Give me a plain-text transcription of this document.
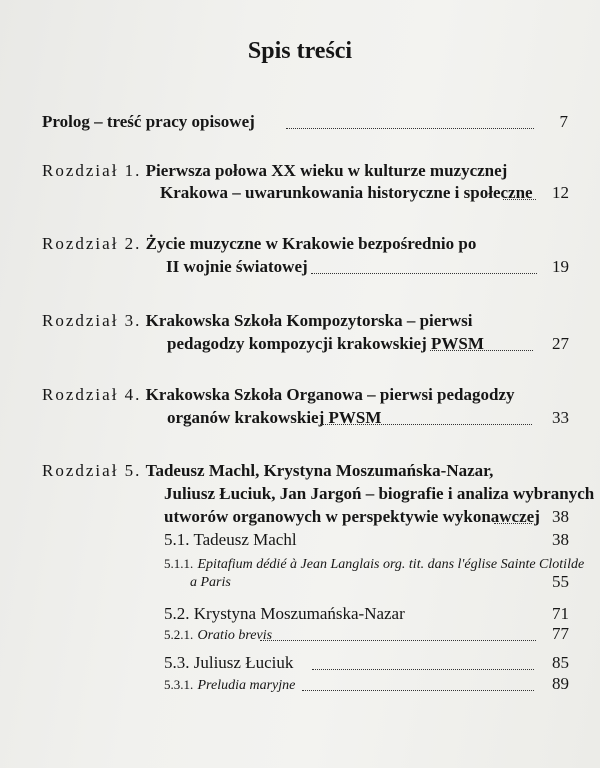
Spis treści
Prolog – treść pracy opisowej	7
Rozdział 1. Pierwsza połowa XX wieku w kulturze muzycznej
Krakowa – uwarunkowania historyczne i społeczne	12
Rozdział 2. Życie muzyczne w Krakowie bezpośrednio po
II wojnie światowej	19
Rozdział 3. Krakowska Szkoła Kompozytorska – pierwsi
pedagodzy kompozycji krakowskiej PWSM	27
Rozdział 4. Krakowska Szkoła Organowa – pierwsi pedagodzy
organów krakowskiej PWSM	33
Rozdział 5. Tadeusz Machl, Krystyna Moszumańska-Nazar,
Juliusz Łuciuk, Jan Jargoń – biografie i analiza wybranych
utworów organowych w perspektywie wykonawczej 38
5.1. Tadeusz Machl	38
5.1.1. Epitafium dédié à Jean Langlais org. tit. dans l'église Sainte Clotilde
a Paris	55
5.2. Krystyna Moszumańska-Nazar	71
5.2.1. Oratio brevis	77
5.3. Juliusz Łuciuk	85
5.3.1. Preludia maryjne	89
